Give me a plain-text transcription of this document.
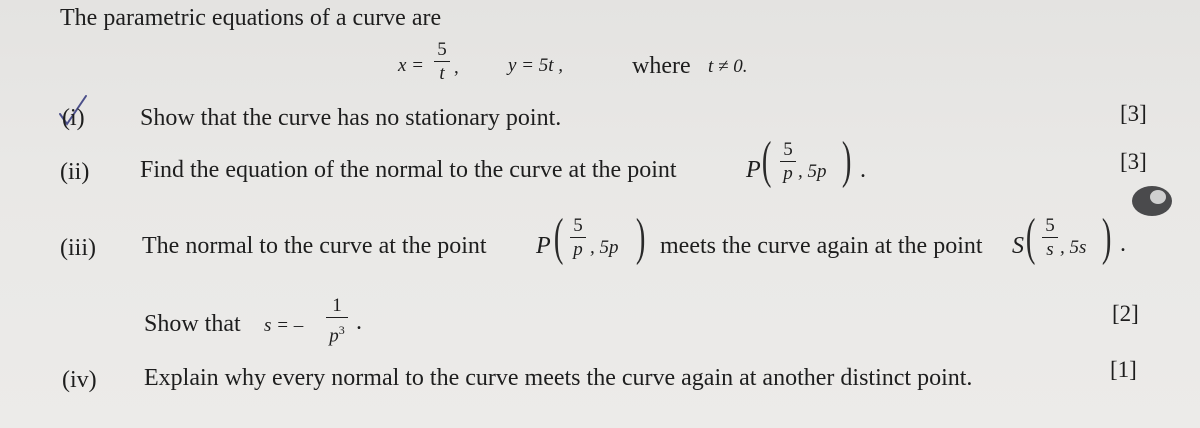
The parametric equations of a curve are
x =
5
t ,	y = 5t ,	where t ≠ 0.
(i) Show that the curve has no stationary point.	[3]
(ii) Find the equation of the normal to the curve at the point	P ( 5
p , 5p ) .	[3]
(iii) The normal to the curve at the point P ( 5
p , 5p ) meets the curve again at the point S ( 5
s , 5s ) .
Show that s = –
1
$p^3$ .	[2]
(iv) Explain why every normal to the curve meets the curve again at another distinct point.	[1]
